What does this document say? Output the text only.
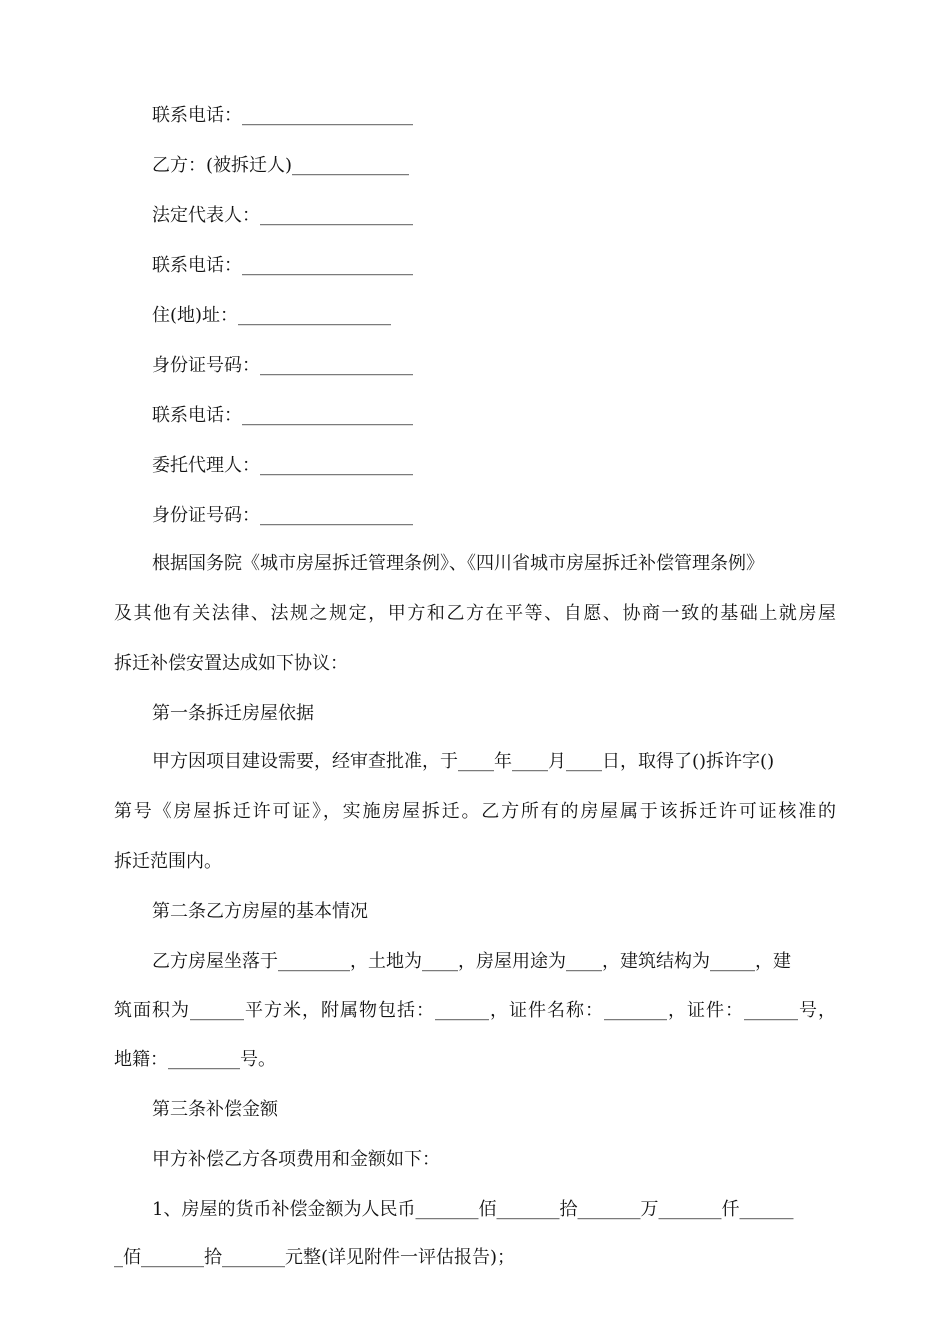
联系电话：___________________
乙方：(被拆迁人)_____________
法定代表人：_________________
联系电话：___________________
住(地)址：_________________
身份证号码：_________________
联系电话：___________________
委托代理人：_________________
身份证号码：_________________
根据国务院《城市房屋拆迁管理条例》、《四川省城市房屋拆迁补偿管理条例》
及其他有关法律、法规之规定，甲方和乙方在平等、自愿、协商一致的基础上就房屋
拆迁补偿安置达成如下协议：
第一条拆迁房屋依据
甲方因项目建设需要，经审查批准，于____年____月____日，取得了()拆许字()
第号《房屋拆迁许可证》，实施房屋拆迁。乙方所有的房屋属于该拆迁许可证核准的
拆迁范围内。
第二条乙方房屋的基本情况
乙方房屋坐落于________，土地为____，房屋用途为____，建筑结构为_____，建
筑面积为______平方米，附属物包括：______，证件名称：_______，证件：______号，
地籍：________号。
第三条补偿金额
甲方补偿乙方各项费用和金额如下：
1、房屋的货币补偿金额为人民币_______佰_______拾_______万_______仟______
_佰_______拾_______元整(详见附件一评估报告)；
